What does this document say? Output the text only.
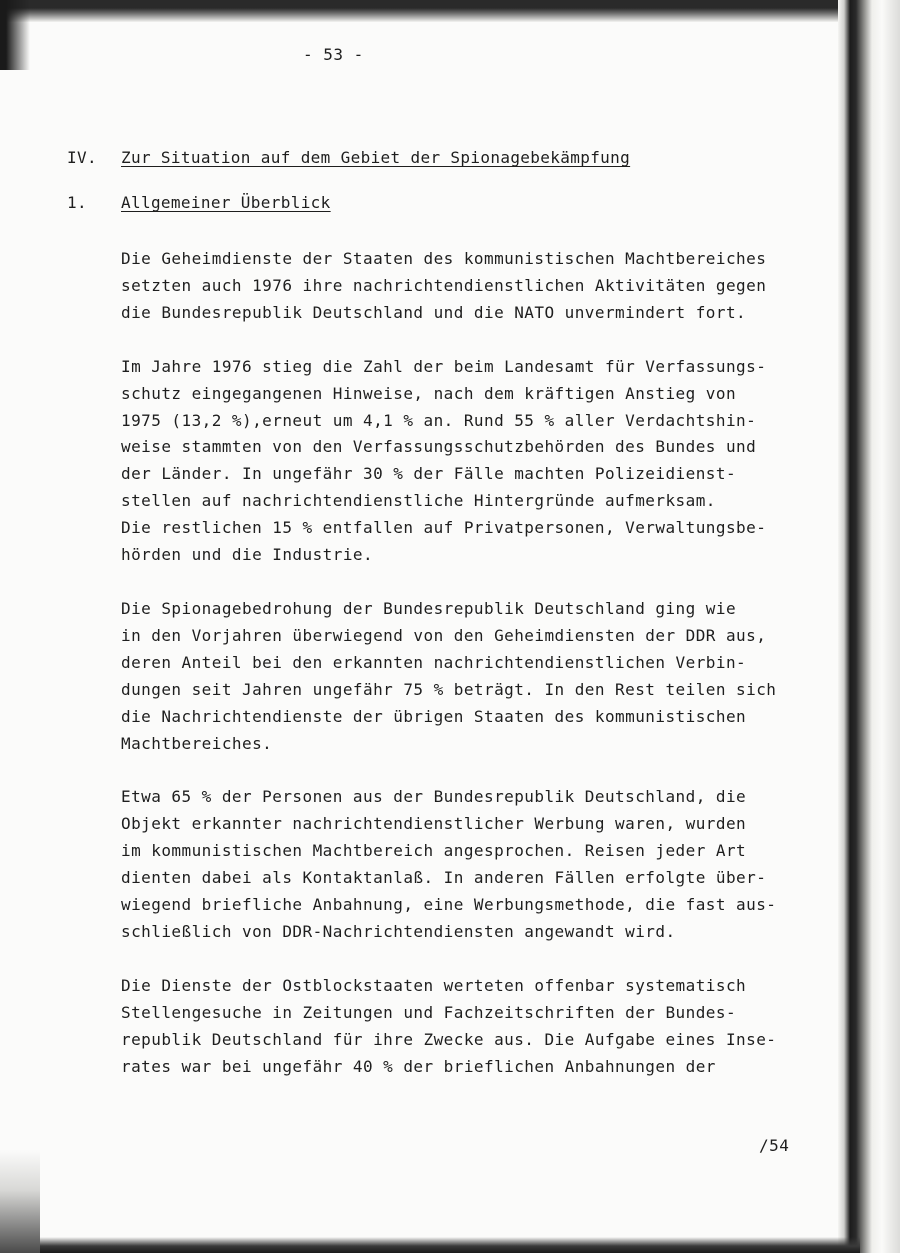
- 53 -
IV. Zur Situation auf dem Gebiet der Spionagebekämpfung
1. Allgemeiner Überblick
Die Geheimdienste der Staaten des kommunistischen Machtbereiches
setzten auch 1976 ihre nachrichtendienstlichen Aktivitäten gegen
die Bundesrepublik Deutschland und die NATO unvermindert fort.
Im Jahre 1976 stieg die Zahl der beim Landesamt für Verfassungs-
schutz eingegangenen Hinweise, nach dem kräftigen Anstieg von
1975 (13,2 %),erneut um 4,1 % an. Rund 55 % aller Verdachtshin-
weise stammten von den Verfassungsschutzbehörden des Bundes und
der Länder. In ungefähr 30 % der Fälle machten Polizeidienst-
stellen auf nachrichtendienstliche Hintergründe aufmerksam.
Die restlichen 15 % entfallen auf Privatpersonen, Verwaltungsbe-
hörden und die Industrie.
Die Spionagebedrohung der Bundesrepublik Deutschland ging wie
in den Vorjahren überwiegend von den Geheimdiensten der DDR aus,
deren Anteil bei den erkannten nachrichtendienstlichen Verbin-
dungen seit Jahren ungefähr 75 % beträgt. In den Rest teilen sich
die Nachrichtendienste der übrigen Staaten des kommunistischen
Machtbereiches.
Etwa 65 % der Personen aus der Bundesrepublik Deutschland, die
Objekt erkannter nachrichtendienstlicher Werbung waren, wurden
im kommunistischen Machtbereich angesprochen. Reisen jeder Art
dienten dabei als Kontaktanlaß. In anderen Fällen erfolgte über-
wiegend briefliche Anbahnung, eine Werbungsmethode, die fast aus-
schließlich von DDR-Nachrichtendiensten angewandt wird.
Die Dienste der Ostblockstaaten werteten offenbar systematisch
Stellengesuche in Zeitungen und Fachzeitschriften der Bundes-
republik Deutschland für ihre Zwecke aus. Die Aufgabe eines Inse-
rates war bei ungefähr 40 % der brieflichen Anbahnungen der
/54
